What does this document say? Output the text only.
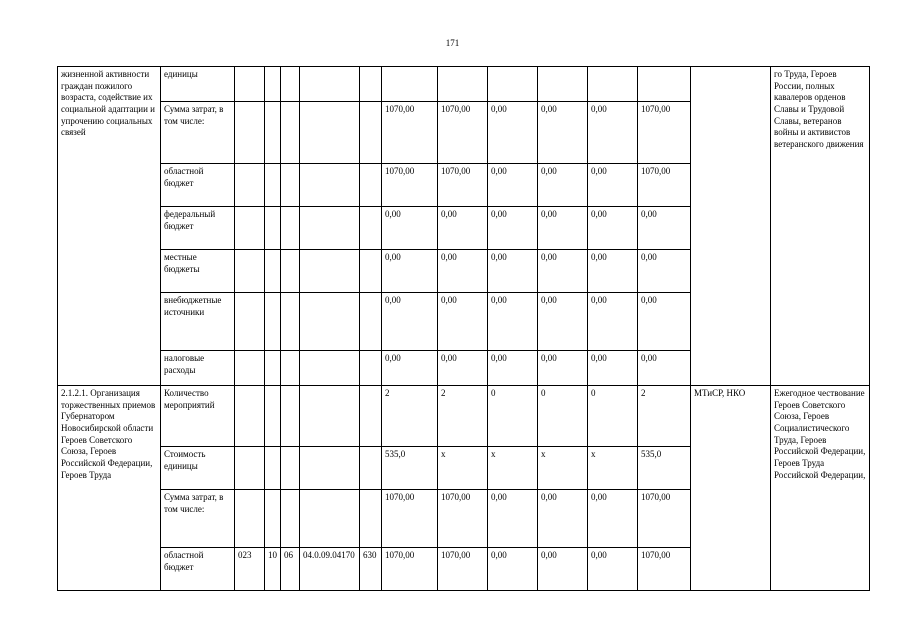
171
жизненной активности граждан пожилого возраста, содействие их социальной адаптации и упрочению социальных связей	единицы													го Труда, Героев России, полных кавалеров орденов Славы и Трудовой Славы, ветеранов войны и активистов ветеранского движения
	Сумма затрат, в том числе:						1070,00	1070,00	0,00	0,00	0,00	1070,00		
	областной бюджет						1070,00	1070,00	0,00	0,00	0,00	1070,00		
	федеральный бюджет						0,00	0,00	0,00	0,00	0,00	0,00		
	местные бюджеты						0,00	0,00	0,00	0,00	0,00	0,00		
	внебюджетные источники						0,00	0,00	0,00	0,00	0,00	0,00		
	налоговые расходы						0,00	0,00	0,00	0,00	0,00	0,00		
2.1.2.1. Организация торжественных приемов Губернатором Новосибирской области Героев Советского Союза, Героев Российской Федерации, Героев Труда	Количество мероприятий						2	2	0	0	0	2	МТиСР, НКО	Ежегодное чествование Героев Советского Союза, Героев Социалистического Труда, Героев Российской Федерации, Героев Труда Российской Федерации,
	Стоимость единицы						535,0	х	х	х	х	535,0		
	Сумма затрат, в том числе:						1070,00	1070,00	0,00	0,00	0,00	1070,00		
	областной бюджет	023	10	06	04.0.09.04170	630	1070,00	1070,00	0,00	0,00	0,00	1070,00		
